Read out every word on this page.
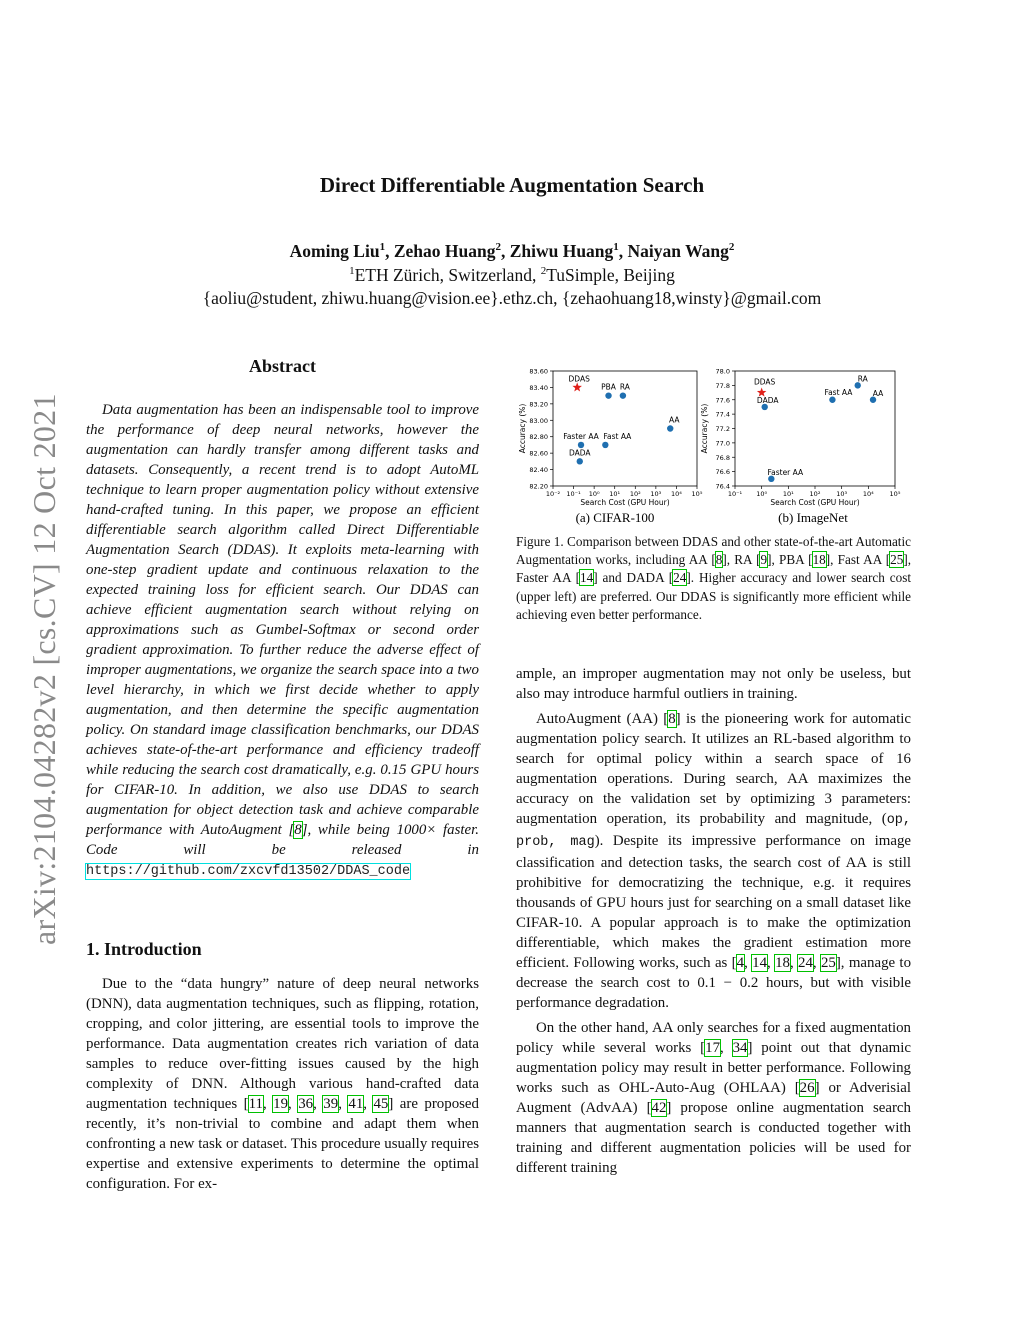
Direct Differentiable Augmentation Search
Aoming Liu$^1$, Zehao Huang$^2$, Zhiwu Huang$^1$, Naiyan Wang$^2$
$^1$ETH Zürich, Switzerland, $^2$TuSimple, Beijing
{aoliu@student, zhiwu.huang@vision.ee}.ethz.ch, {zehaohuang18,winsty}@gmail.com
arXiv:2104.04282v2 [cs.CV] 12 Oct 2021
Abstract
Data augmentation has been an indispensable tool to improve the performance of deep neural networks, however the augmentation can hardly transfer among different tasks and datasets. Consequently, a recent trend is to adopt AutoML technique to learn proper augmentation policy without extensive hand-crafted tuning. In this paper, we propose an efficient differentiable search algorithm called Direct Differentiable Augmentation Search (DDAS). It exploits meta-learning with one-step gradient update and continuous relaxation to the expected training loss for efficient search. Our DDAS can achieve efficient augmentation search without relying on approximations such as Gumbel-Softmax or second order gradient approximation. To further reduce the adverse effect of improper augmentations, we organize the search space into a two level hierarchy, in which we first decide whether to apply augmentation, and then determine the specific augmentation policy. On standard image classification benchmarks, our DDAS achieves state-of-the-art performance and efficiency tradeoff while reducing the search cost dramatically, e.g. 0.15 GPU hours for CIFAR-10. In addition, we also use DDAS to search augmentation for object detection task and achieve comparable performance with AutoAugment [8], while being 1000× faster. Code will be released in https://github.com/zxcvfd13502/DDAS_code
1. Introduction
Due to the “data hungry” nature of deep neural networks (DNN), data augmentation techniques, such as flipping, rotation, cropping, and color jittering, are essential tools to improve the performance. Data augmentation creates rich variation of data samples to reduce over-fitting issues caused by the high complexity of DNN. Although various hand-crafted data augmentation techniques [11, 19, 36, 39, 41, 45] are proposed recently, it’s non-trivial to combine and adapt them when confronting a new task or dataset. This procedure usually requires expertise and extensive experiments to determine the optimal configuration. For ex-
82.20
82.40
82.60
82.80
83.00
83.20
83.40
83.60
10⁻² 10⁻¹ 10⁰ 10¹ 10² 10³ 10⁴ 10⁵
Search Cost (GPU Hour)
Accuracy (%)
DDAS
PBA RA
AA
Faster AA Fast AA
DADA
76.4
76.6
76.8
77.0
77.2
77.4
77.6
77.8
78.0
10⁻¹ 10⁰ 10¹ 10² 10³ 10⁴ 10⁵
Search Cost (GPU Hour)
Accuracy (%)
DDAS
DADA
Fast AA
RA
AA
Faster AA
(a) CIFAR-100	(b) ImageNet
Figure 1. Comparison between DDAS and other state-of-the-art Automatic Augmentation works, including AA [8], RA [9], PBA [18], Fast AA [25], Faster AA [14] and DADA [24]. Higher accuracy and lower search cost (upper left) are preferred. Our DDAS is significantly more efficient while achieving even better performance.

ample, an improper augmentation may not only be useless, but also may introduce harmful outliers in training.

AutoAugment (AA) [8] is the pioneering work for automatic augmentation policy search. It utilizes an RL-based algorithm to search for optimal policy within a search space of 16 augmentation operations. During search, AA maximizes the accuracy on the validation set by optimizing 3 parameters: augmentation operation, its probability and magnitude, (op, prob, mag). Despite its impressive performance on image classification and detection tasks, the search cost of AA is still prohibitive for democratizing the technique, e.g. it requires thousands of GPU hours just for searching on a small dataset like CIFAR-10. A popular approach is to make the optimization differentiable, which makes the gradient estimation more efficient. Following works, such as [4, 14, 18, 24, 25], manage to decrease the search cost to 0.1 − 0.2 hours, but with visible performance degradation.

On the other hand, AA only searches for a fixed augmentation policy while several works [17, 34] point out that dynamic augmentation policy may result in better performance. Following works such as OHL-Auto-Aug (OHLAA) [26] or Adverisial Augment (AdvAA) [42] propose online augmentation search manners that augmentation search is conducted together with training and different augmentation policies will be used for different training
